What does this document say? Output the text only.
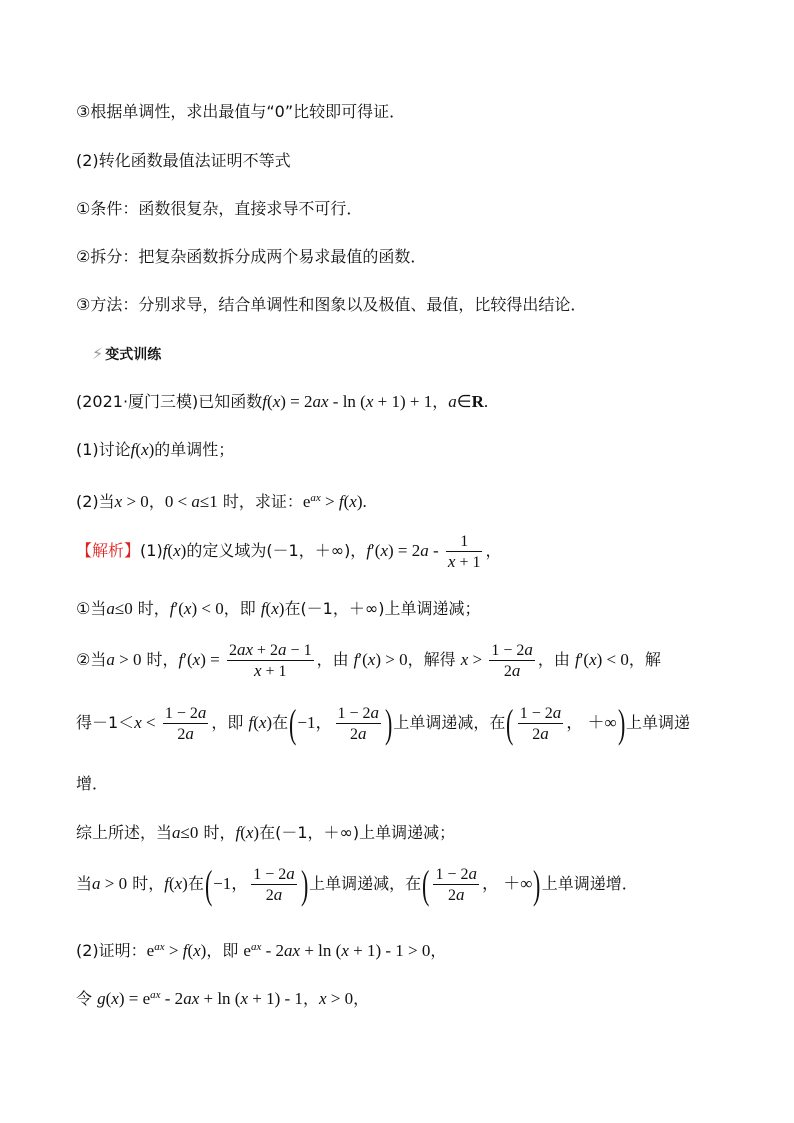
③根据单调性，求出最值与“0”比较即可得证．
(2)转化函数最值法证明不等式
①条件：函数很复杂，直接求导不可行．
②拆分：把复杂函数拆分成两个易求最值的函数．
③方法：分别求导，结合单调性和图象以及极值、最值，比较得出结论．
⚡ 变式训练
(2021·厦门三模)已知函数f(x) = 2ax - ln (x + 1) + 1，a∈R.
(1)讨论f(x)的单调性；
(2)当x > 0，0 < a≤1 时，求证：$e^{ax} > f(x)$.
【解析】(1)f(x)的定义域为(－1，＋∞)，$f'(x) = 2a - \frac{1}{x + 1}$ ，
①当a≤0 时，f′(x) < 0，即 f(x)在(－1，＋∞)上单调递减；
②当a > 0 时，$f'(x) = \frac{2ax + 2a - 1}{x + 1}$ ，由 f′(x) > 0，解得 $x > \frac{1 - 2a}{2a}$ ，由 f′(x) < 0，解
得$-1<x < \frac{1 - 2a}{2a}$ ，即 f(x)在(−1， $\frac{1 - 2a}{2a}$ )上单调递减，在( $\frac{1 - 2a}{2a}$ ， ＋∞)上单调递
增．
综上所述，当a≤0 时，f(x)在(－1，＋∞)上单调递减；
当a > 0 时，f(x)在(−1， $\frac{1 - 2a}{2a}$ )上单调递减，在( $\frac{1 - 2a}{2a}$ ， ＋∞)上单调递增．
(2)证明：$e^{ax} > f(x)$，即 $e^{ax} - 2ax + \ln (x + 1) - 1 > 0$，
令 $g(x) = e^{ax} - 2ax + \ln (x + 1) - 1$，x > 0，
